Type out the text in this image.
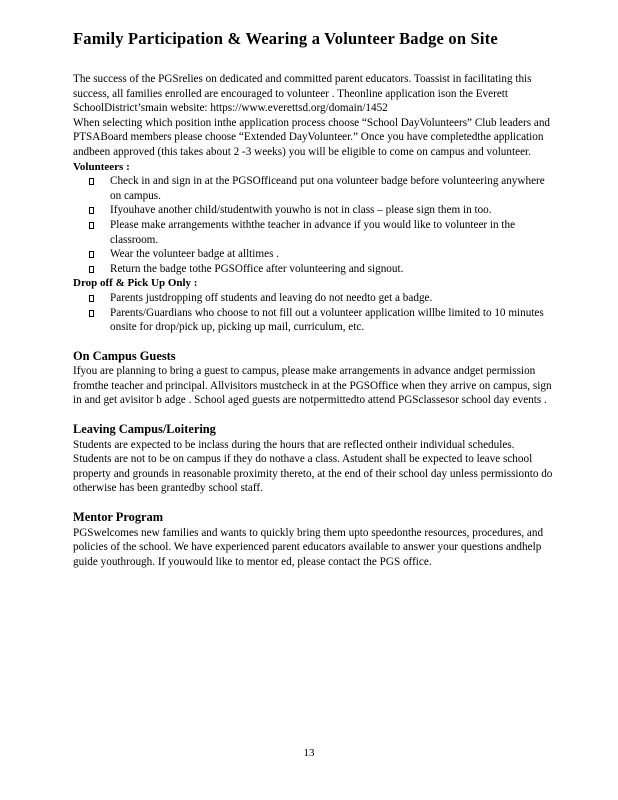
Family Participation & Wearing a Volunteer Badge on Site

The success of the PGSrelies on dedicated and committed parent educators. Toassist in facilitating this success, all families enrolled are encouraged to volunteer . Theonline application ison the Everett SchoolDistrict’smain website: https://www.everettsd.org/domain/1452

When selecting which position inthe application process choose “School DayVolunteers” Club leaders and PTSABoard members please choose “Extended DayVolunteer.” Once you have completedthe application andbeen approved (this takes about 2 -3 weeks) you will be eligible to come on campus and volunteer.

Volunteers :

Check in and sign in at the PGSOfficeand put ona volunteer badge before volunteering anywhere on campus.
Ifyouhave another child/studentwith youwho is not in class – please sign them in too.
Please make arrangements withthe teacher in advance if you would like to volunteer in the classroom.
Wear the volunteer badge at alltimes .
Return the badge tothe PGSOffice after volunteering and signout.

Drop off & Pick Up Only :

Parents justdropping off students and leaving do not needto get a badge.
Parents/Guardians who choose to not fill out a volunteer application willbe limited to 10 minutes onsite for drop/pick up, picking up mail, curriculum, etc.
On Campus Guests

Ifyou are planning to bring a guest to campus, please make arrangements in advance andget permission fromthe teacher and principal. Allvisitors mustcheck in at the PGSOffice when they arrive on campus, sign in and get avisitor b adge . School aged guests are notpermittedto attend PGSclassesor school day events .

Leaving Campus/Loitering

Students are expected to be inclass during the hours that are reflected ontheir individual schedules. Students are not to be on campus if they do nothave a class. Astudent shall be expected to leave school property and grounds in reasonable proximity thereto, at the end of their school day unless permissionto do otherwise has been grantedby school staff.

Mentor Program

PGSwelcomes new families and wants to quickly bring them upto speedonthe resources, procedures, and policies of the school. We have experienced parent educators available to answer your questions andhelp guide youthrough. If youwould like to mentor ed, please contact the PGS office.

13
